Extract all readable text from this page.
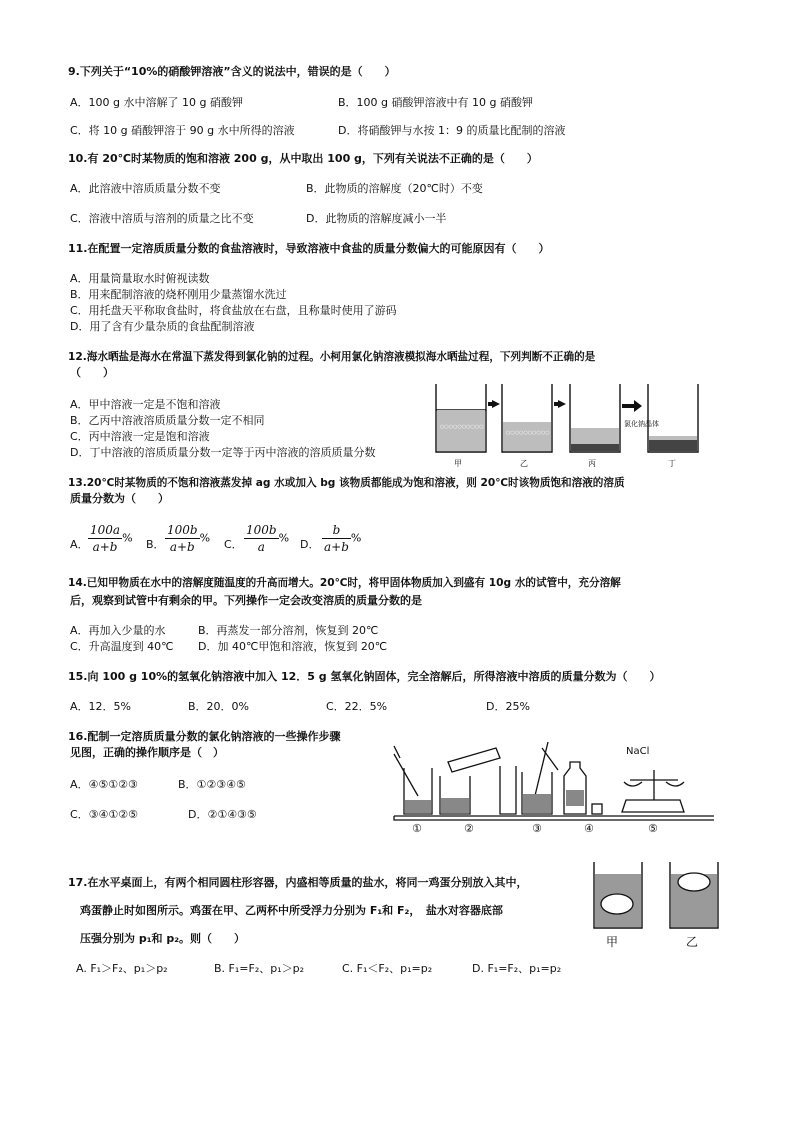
9.下列关于“10%的硝酸钾溶液”含义的说法中，错误的是（　　）
A．100 g 水中溶解了 10 g 硝酸钾	B．100 g 硝酸钾溶液中有 10 g 硝酸钾
C．将 10 g 硝酸钾溶于 90 g 水中所得的溶液	D．将硝酸钾与水按 1：9 的质量比配制的溶液
10.有 20℃时某物质的饱和溶液 200 g，从中取出 100 g，下列有关说法不正确的是（　　）
A．此溶液中溶质质量分数不变	B．此物质的溶解度（20℃时）不变
C．溶液中溶质与溶剂的质量之比不变	D．此物质的溶解度减小一半
11.在配置一定溶质质量分数的食盐溶液时，导致溶液中食盐的质量分数偏大的可能原因有（　　）
A．用量筒量取水时俯视读数
B．用来配制溶液的烧杯刚用少量蒸馏水洗过
C．用托盘天平称取食盐时，将食盐放在右盘，且称量时使用了游码
D．用了含有少量杂质的食盐配制溶液
12.海水晒盐是海水在常温下蒸发得到氯化钠的过程。小柯用氯化钠溶液模拟海水晒盐过程，下列判断不正确的是
（　　）
A．甲中溶液一定是不饱和溶液
B．乙丙中溶液溶质质量分数一定不相同
C．丙中溶液一定是饱和溶液
D．丁中溶液的溶质质量分数一定等于丙中溶液的溶质质量分数
○○○○○○○○○○
○○○○○○○○○○
氯化钠晶体
甲	乙	丙	丁
13.20℃时某物质的不饱和溶液蒸发掉 ag 水或加入 bg 该物质都能成为饱和溶液，则 20℃时该物质饱和溶液的溶质
质量分数为（　　）
A． $\frac{100a}{a+b}$ % B． $\frac{100b}{a+b}$ % C． $\frac{100b}{a}$ % D． $\frac{b}{a+b}$ %
14.已知甲物质在水中的溶解度随温度的升高而增大。20℃时，将甲固体物质加入到盛有 10g 水的试管中，充分溶解
后，观察到试管中有剩余的甲。下列操作一定会改变溶质的质量分数的是
A．再加入少量的水	B．再蒸发一部分溶剂，恢复到 20℃
C．升高温度到 40℃ D．加 40℃甲饱和溶液，恢复到 20℃
15.向 100 g 10%的氢氧化钠溶液中加入 12．5 g 氢氧化钠固体，完全溶解后，所得溶液中溶质的质量分数为（　　）
A．12．5%	B．20．0%	C．22．5%	D．25%
16.配制一定溶质质量分数的氯化钠溶液的一些操作步骤
见图，正确的操作顺序是（　）
A．④⑤①②③	B．①②③④⑤
C．③④①②⑤	D．②①④③⑤
NaCl
①	②	③	④	⑤
17.在水平桌面上，有两个相同圆柱形容器，内盛相等质量的盐水，将同一鸡蛋分别放入其中，
鸡蛋静止时如图所示。鸡蛋在甲、乙两杯中所受浮力分别为 F₁和 F₂，　盐水对容器底部
压强分别为 p₁和 p₂。则（　　）
A. F₁＞F₂、p₁＞p₂	B. F₁=F₂、p₁＞p₂	C. F₁＜F₂、p₁=p₂	D. F₁=F₂、p₁=p₂
甲	乙
